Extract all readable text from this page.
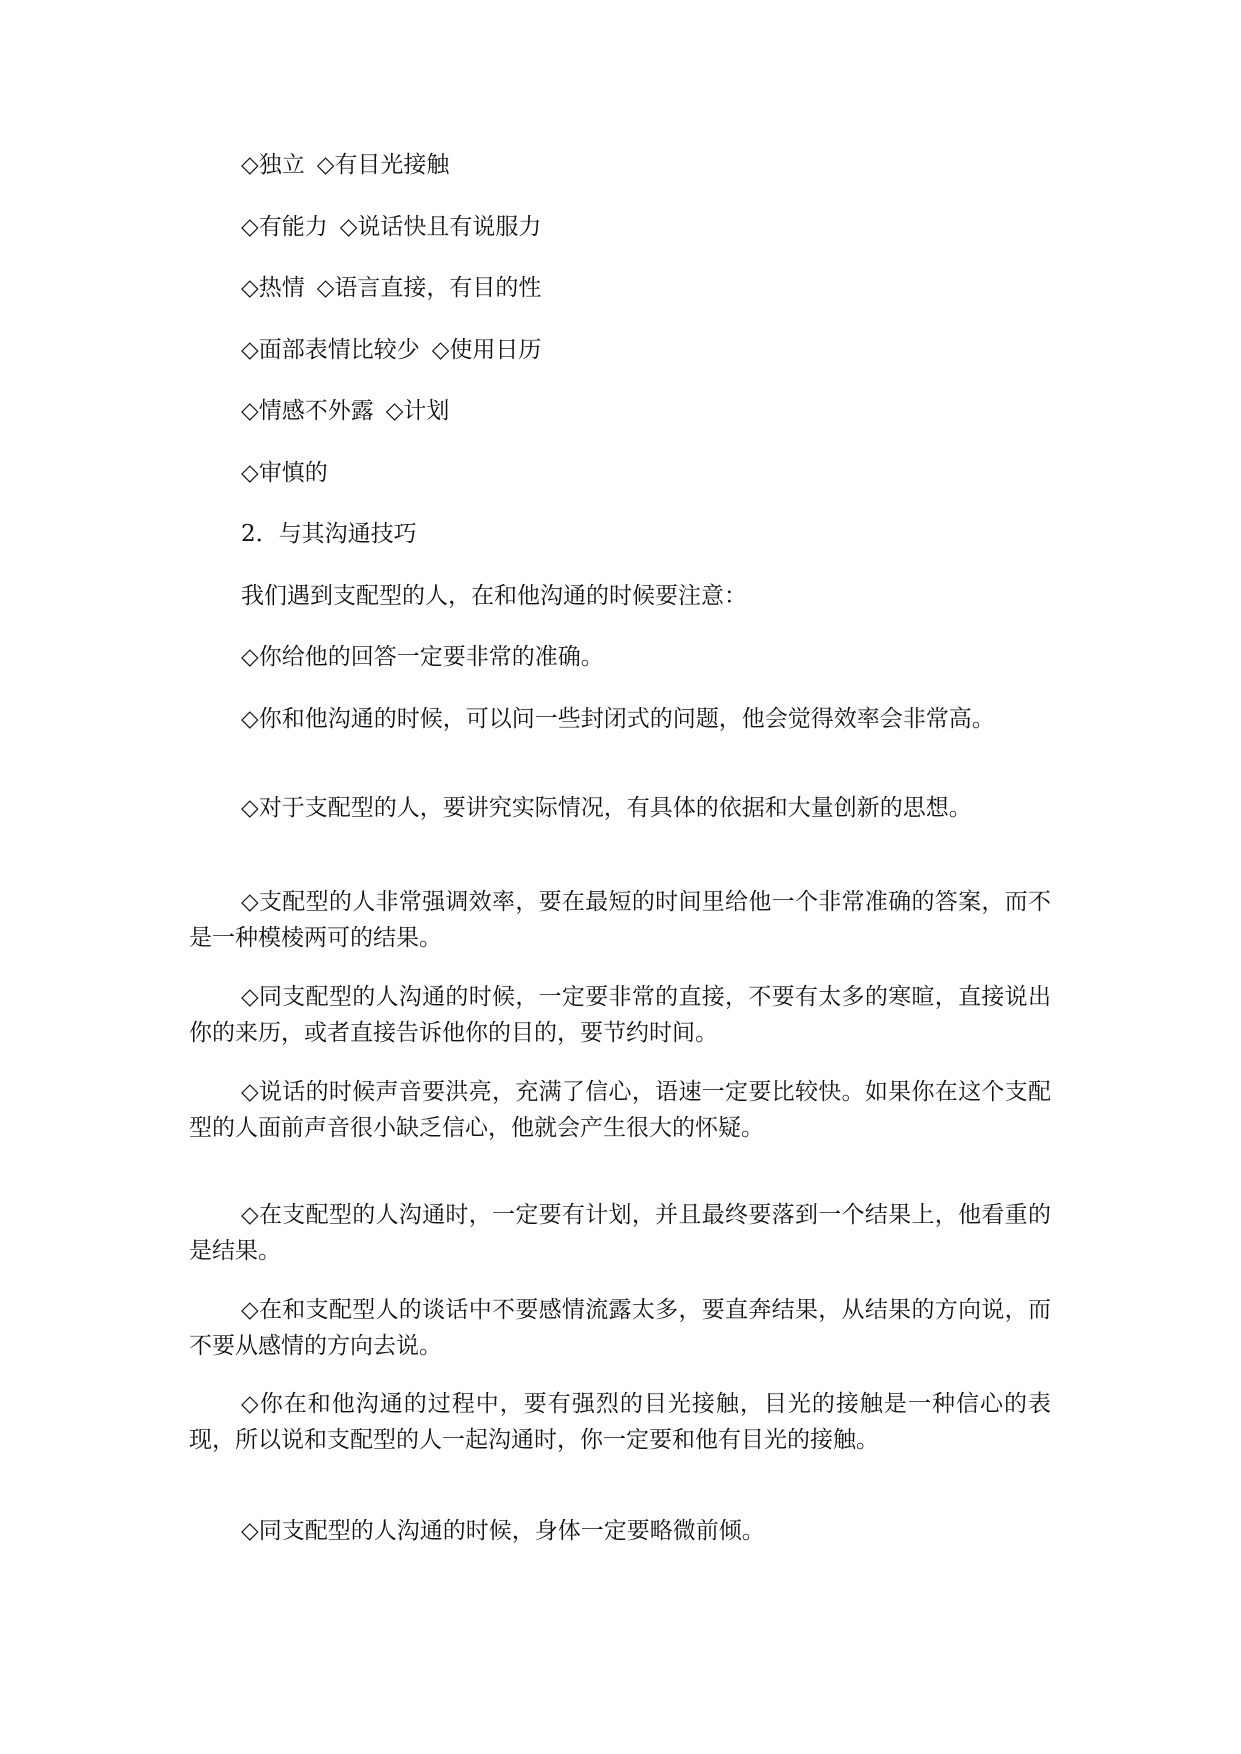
◇独立 ◇有目光接触
◇有能力 ◇说话快且有说服力
◇热情 ◇语言直接，有目的性
◇面部表情比较少 ◇使用日历
◇情感不外露 ◇计划
◇审慎的
2．与其沟通技巧
我们遇到支配型的人，在和他沟通的时候要注意：
◇你给他的回答一定要非常的准确。
◇你和他沟通的时候，可以问一些封闭式的问题，他会觉得效率会非常高。
◇对于支配型的人，要讲究实际情况，有具体的依据和大量创新的思想。
◇支配型的人非常强调效率，要在最短的时间里给他一个非常准确的答案，而不是一种模棱两可的结果。
◇同支配型的人沟通的时候，一定要非常的直接，不要有太多的寒暄，直接说出你的来历，或者直接告诉他你的目的，要节约时间。
◇说话的时候声音要洪亮，充满了信心，语速一定要比较快。如果你在这个支配型的人面前声音很小缺乏信心，他就会产生很大的怀疑。
◇在支配型的人沟通时，一定要有计划，并且最终要落到一个结果上，他看重的是结果。
◇在和支配型人的谈话中不要感情流露太多，要直奔结果，从结果的方向说，而不要从感情的方向去说。
◇你在和他沟通的过程中，要有强烈的目光接触，目光的接触是一种信心的表现，所以说和支配型的人一起沟通时，你一定要和他有目光的接触。
◇同支配型的人沟通的时候，身体一定要略微前倾。
